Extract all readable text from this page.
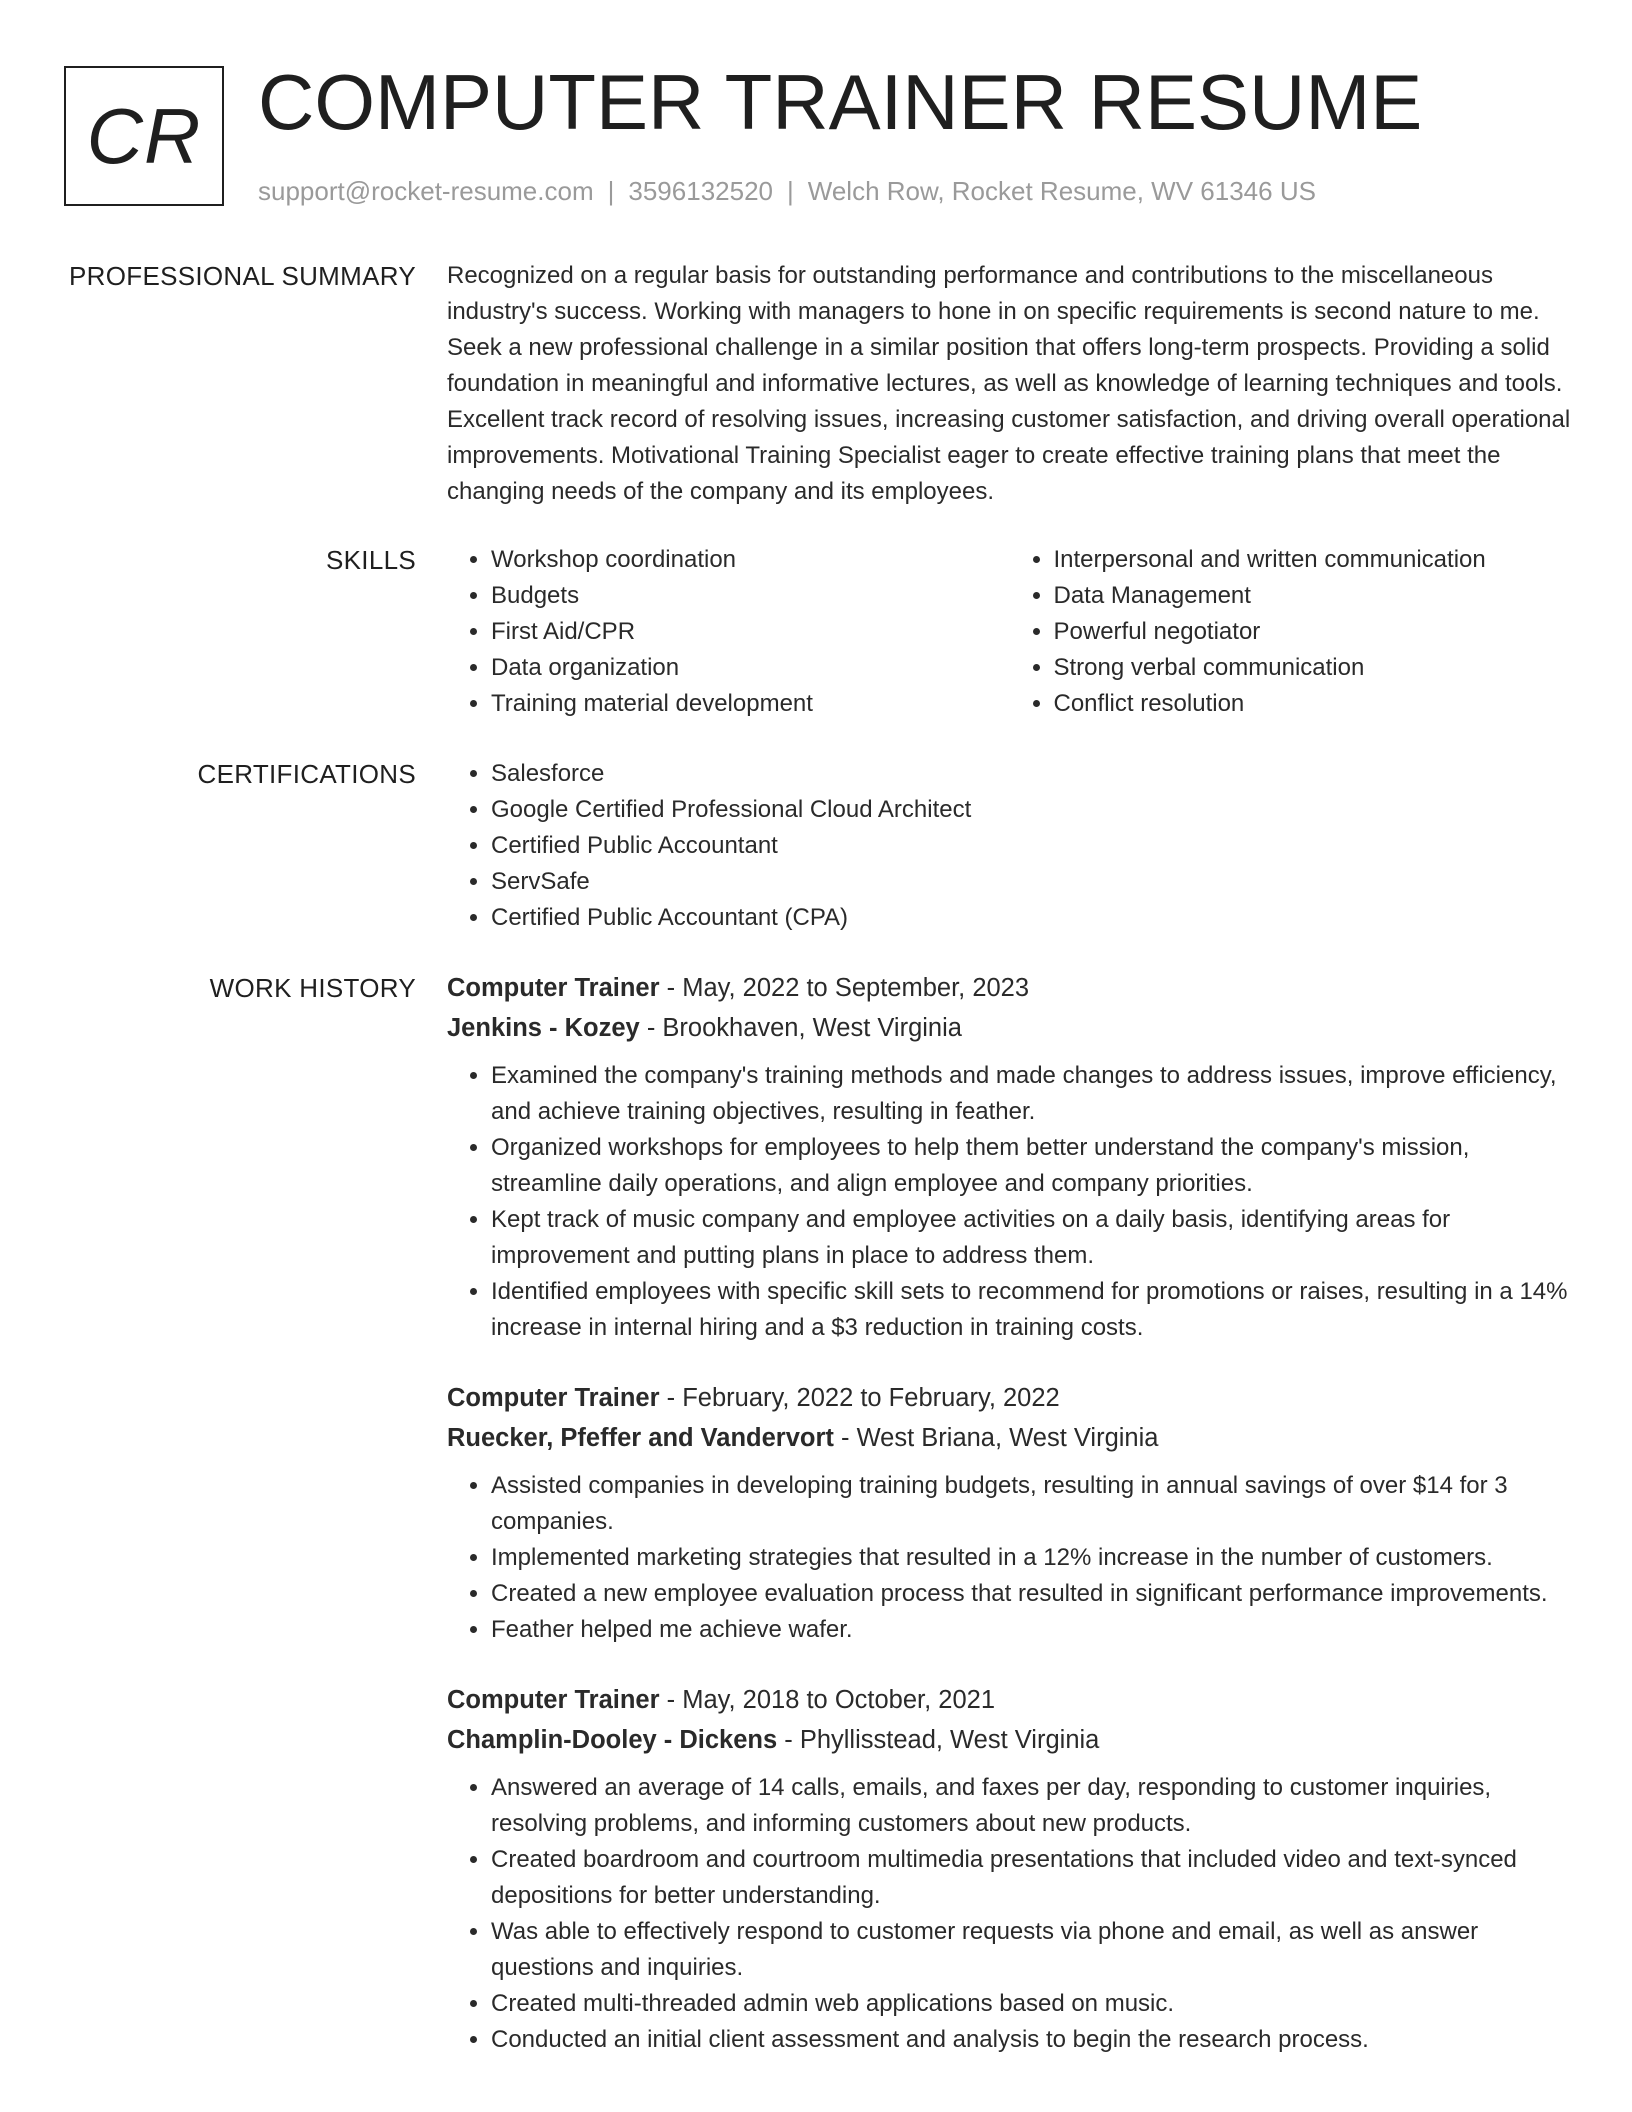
CR COMPUTER TRAINER RESUME
support@rocket-resume.com | 3596132520 | Welch Row, Rocket Resume, WV 61346 US
PROFESSIONAL SUMMARY Recognized on a regular basis for outstanding performance and contributions to the miscellaneous industry's success. Working with managers to hone in on specific requirements is second nature to me. Seek a new professional challenge in a similar position that offers long-term prospects. Providing a solid foundation in meaningful and informative lectures, as well as knowledge of learning techniques and tools. Excellent track record of resolving issues, increasing customer satisfaction, and driving overall operational improvements. Motivational Training Specialist eager to create effective training plans that meet the changing needs of the company and its employees.
SKILLS	• Workshop coordination
• Budgets
• First Aid/CPR
• Data organization
• Training material development
• Interpersonal and written communication
• Data Management
• Powerful negotiator
• Strong verbal communication
• Conflict resolution
CERTIFICATIONS	• Salesforce
• Google Certified Professional Cloud Architect
• Certified Public Accountant
• ServSafe
• Certified Public Accountant (CPA)
WORK HISTORY Computer Trainer - May, 2022 to September, 2023
Jenkins - Kozey - Brookhaven, West Virginia
• Examined the company's training methods and made changes to address issues, improve efficiency, and achieve training objectives, resulting in feather.
• Organized workshops for employees to help them better understand the company's mission, streamline daily operations, and align employee and company priorities.
• Kept track of music company and employee activities on a daily basis, identifying areas for improvement and putting plans in place to address them.
• Identified employees with specific skill sets to recommend for promotions or raises, resulting in a 14% increase in internal hiring and a $3 reduction in training costs.
Computer Trainer - February, 2022 to February, 2022
Ruecker, Pfeffer and Vandervort - West Briana, West Virginia
• Assisted companies in developing training budgets, resulting in annual savings of over $14 for 3 companies.
• Implemented marketing strategies that resulted in a 12% increase in the number of customers.
• Created a new employee evaluation process that resulted in significant performance improvements.
• Feather helped me achieve wafer.
Computer Trainer - May, 2018 to October, 2021
Champlin-Dooley - Dickens - Phyllisstead, West Virginia
• Answered an average of 14 calls, emails, and faxes per day, responding to customer inquiries, resolving problems, and informing customers about new products.
• Created boardroom and courtroom multimedia presentations that included video and text-synced depositions for better understanding.
• Was able to effectively respond to customer requests via phone and email, as well as answer questions and inquiries.
• Created multi-threaded admin web applications based on music.
• Conducted an initial client assessment and analysis to begin the research process.
